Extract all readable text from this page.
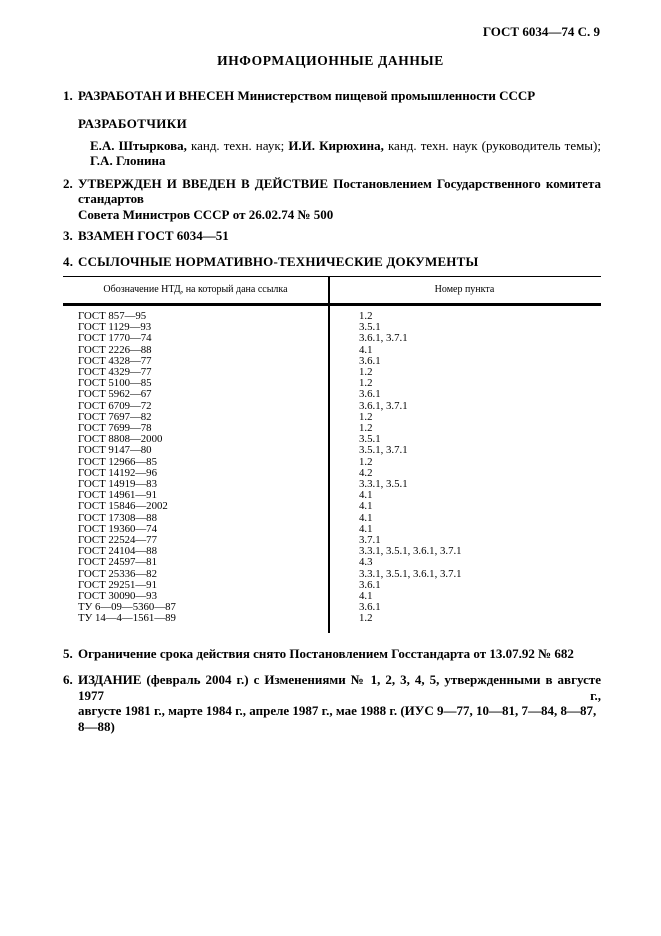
ГОСТ 6034—74 С. 9
ИНФОРМАЦИОННЫЕ ДАННЫЕ
1. РАЗРАБОТАН И ВНЕСЕН Министерством пищевой промышленности СССР
РАЗРАБОТЧИКИ
Е.А. Штыркова, канд. техн. наук; И.И. Кирюхина, канд. техн. наук (руководитель темы);
Г.А. Глонина
2. УТВЕРЖДЕН И ВВЕДЕН В ДЕЙСТВИЕ Постановлением Государственного комитета стандартов
Совета Министров СССР от 26.02.74 № 500
3. ВЗАМЕН ГОСТ 6034—51
4. ССЫЛОЧНЫЕ НОРМАТИВНО-ТЕХНИЧЕСКИЕ ДОКУМЕНТЫ
Обозначение НТД, на который дана ссылка	Номер пункта
ГОСТ 857—95	1.2
ГОСТ 1129—93	3.5.1
ГОСТ 1770—74	3.6.1, 3.7.1
ГОСТ 2226—88	4.1
ГОСТ 4328—77	3.6.1
ГОСТ 4329—77	1.2
ГОСТ 5100—85	1.2
ГОСТ 5962—67	3.6.1
ГОСТ 6709—72	3.6.1, 3.7.1
ГОСТ 7697—82	1.2
ГОСТ 7699—78	1.2
ГОСТ 8808—2000	3.5.1
ГОСТ 9147—80	3.5.1, 3.7.1
ГОСТ 12966—85	1.2
ГОСТ 14192—96	4.2
ГОСТ 14919—83	3.3.1, 3.5.1
ГОСТ 14961—91	4.1
ГОСТ 15846—2002	4.1
ГОСТ 17308—88	4.1
ГОСТ 19360—74	4.1
ГОСТ 22524—77	3.7.1
ГОСТ 24104—88	3.3.1, 3.5.1, 3.6.1, 3.7.1
ГОСТ 24597—81	4.3
ГОСТ 25336—82	3.3.1, 3.5.1, 3.6.1, 3.7.1
ГОСТ 29251—91	3.6.1
ГОСТ 30090—93	4.1
ТУ 6—09—5360—87	3.6.1
ТУ 14—4—1561—89	1.2
5. Ограничение срока действия снято Постановлением Госстандарта от 13.07.92 № 682
6. ИЗДАНИЕ (февраль 2004 г.) с Изменениями № 1, 2, 3, 4, 5, утвержденными в августе 1977 г.,
августе 1981 г., марте 1984 г., апреле 1987 г., мае 1988 г. (ИУС 9—77, 10—81, 7—84, 8—87, 8—88)
